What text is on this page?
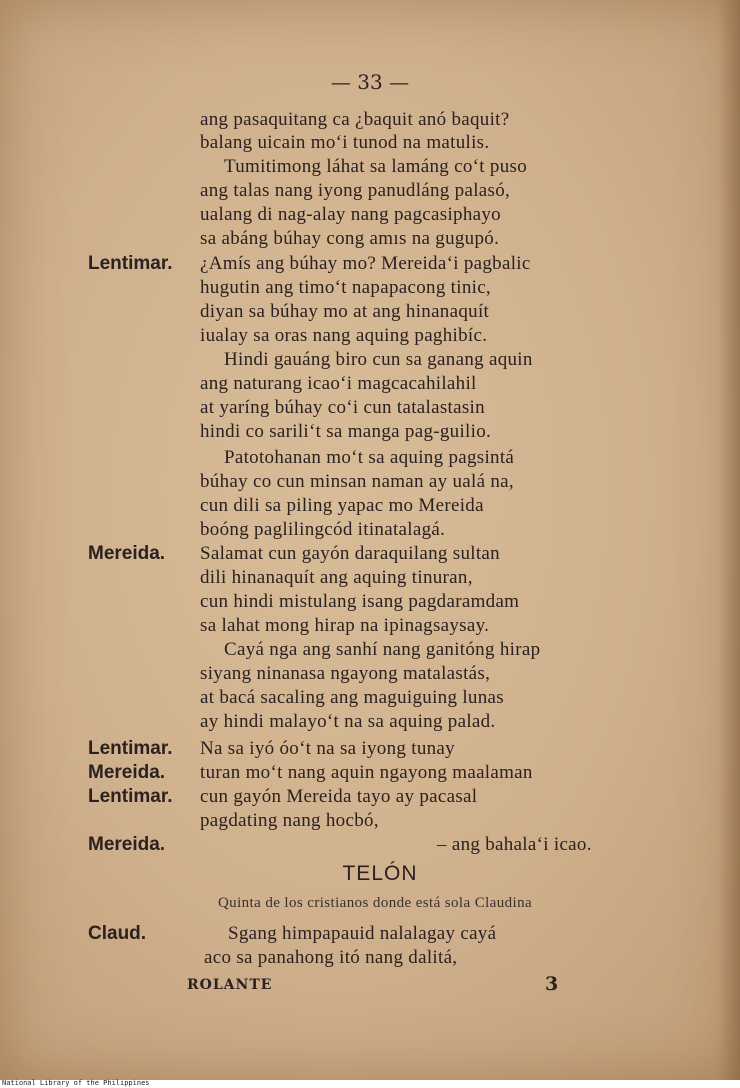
— 33 —
ang pasaquitang ca ¿baquit anó baquit?
balang uicain mo‘i tunod na matulis.
Tumitimong láhat sa lamáng co‘t puso
ang talas nang iyong panudláng palasó,
ualang di nag-alay nang pagcasiphayo
sa abáng búhay cong amıs na gugupó.
Lentimar. ¿Amís ang búhay mo? Mereida‘i pagbalic
hugutin ang timo‘t napapacong tinic,
diyan sa búhay mo at ang hinanaquít
iualay sa oras nang aquing paghibíc.
Hindi gauáng biro cun sa ganang aquin
ang naturang icao‘i magcacahilahil
at yaríng búhay co‘i cun tatalastasin
hindi co sarili‘t sa manga pag-guilio.
Patotohanan mo‘t sa aquing pagsintá
búhay co cun minsan naman ay ualá na,
cun dili sa piling yapac mo Mereida
boóng paglilingcód itinatalagá.
Mereida. Salamat cun gayón daraquilang sultan
dili hinanaquít ang aquing tinuran,
cun hindi mistulang isang pagdaramdam
sa lahat mong hirap na ipinagsaysay.
Cayá nga ang sanhí nang ganitóng hirap
siyang ninanasa ngayong matalastás,
at bacá sacaling ang maguiguing lunas
ay hindi malayo‘t na sa aquing palad.
Lentimar. Na sa iyó óo‘t na sa iyong tunay
Mereida. turan mo‘t nang aquin ngayong maalaman
Lentimar. cun gayón Mereida tayo ay pacasal
pagdating nang hocbó,
Mereida.	– ang bahala‘i icao.
TELÓN
Quinta de los cristianos donde está sola Claudina
Claud.	Sgang himpapauid nalalagay cayá
aco sa panahong itó nang dalitá,
ROLANTE	3
National Library of the Philippines
